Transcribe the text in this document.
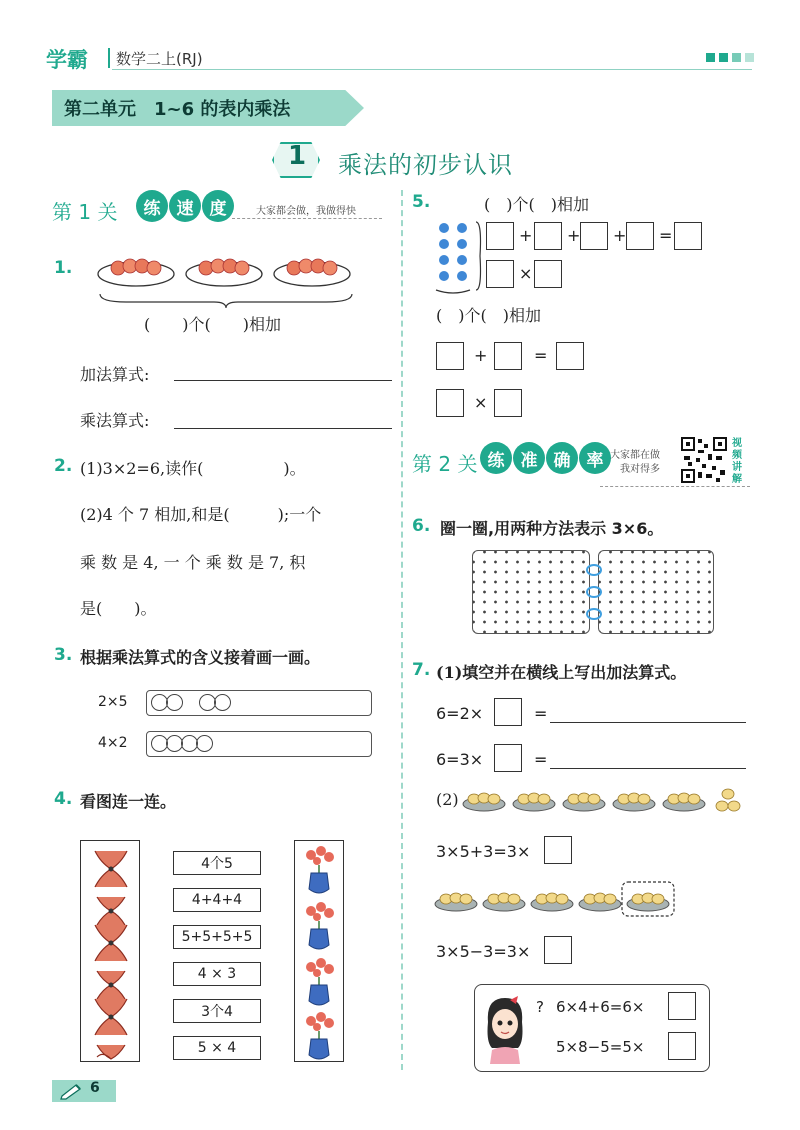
学霸 数学二上(RJ)
第二单元　1~6 的表内乘法
1 乘法的初步认识
第 1 关	练 速 度	大家都会做，我做得快
1.
(　　)个(　　)相加
加法算式:
乘法算式:
2. (1)3×2=6,读作(　　　　　)。
(2)4 个 7 相加,和是(　　　);一个
乘 数 是 4, 一 个 乘 数 是 7, 积
是(　　)。
3. 根据乘法算式的含义接着画一画。
2×5

4×2
4. 看图连一连。
4个5
4+4+4
5+5+5+5
4 × 3
3个4
5 × 4
5.	(　)个(　)相加
+ + + =
×
(　)个(　)相加
+	=
×
第 2 关 练 准 确 率 大家都在做
我对得多
视频讲解
6. 圈一圈,用两种方法表示 3×6。
7. (1)填空并在横线上写出加法算式。
6=2×	=
6=3×	=
(2)
3×5+3=3×
3×5−3=3×
? 6×4+6=6×
5×8−5=5×
6
